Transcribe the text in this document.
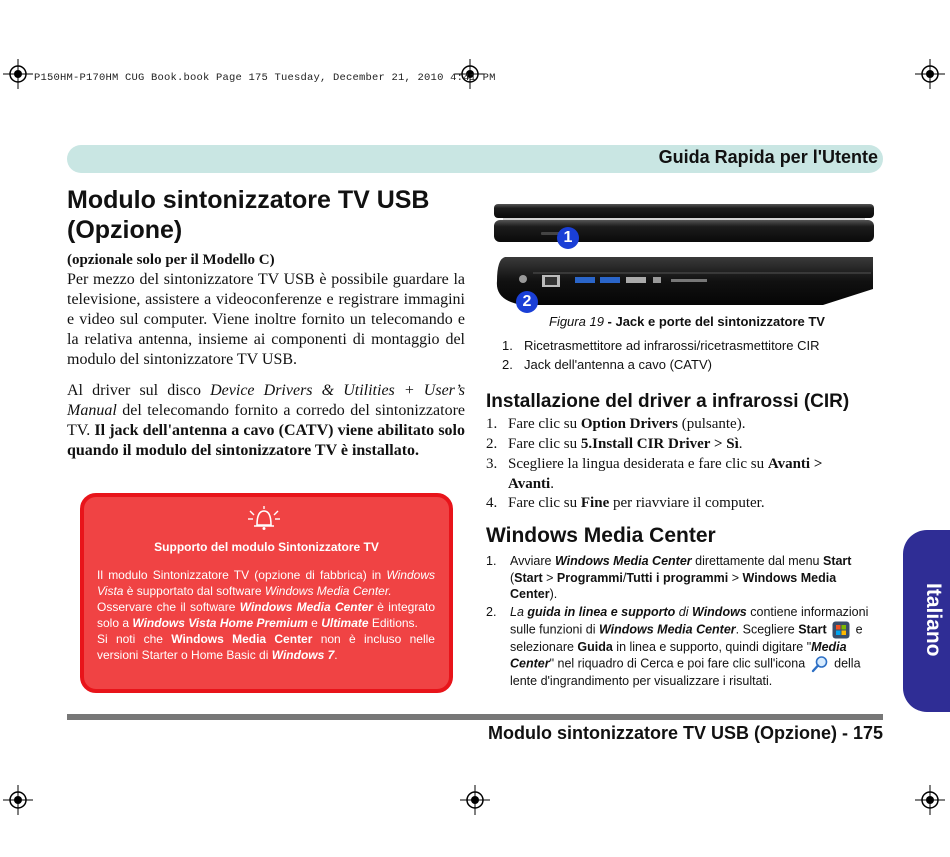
P150HM-P170HM CUG Book.book Page 175 Tuesday, December 21, 2010 4:41 PM
Guida Rapida per l'Utente
Modulo sintonizzatore TV USB (Opzione)
(opzionale solo per il Modello C)
Per mezzo del sintonizzatore TV USB è possibile guardare la televisione, assistere a videoconferenze e registrare immagini e video sul computer. Viene inoltre fornito un telecomando e la relativa antenna, insieme ai componenti di montaggio del modulo del sintonizzatore TV USB.
Al driver sul disco Device Drivers & Utilities + User’s Manual del telecomando fornito a corredo del sintonizzatore TV. Il jack dell'antenna a cavo (CATV) viene abilitato solo quando il modulo del sintonizzatore TV è installato.
Supporto del modulo Sintonizzatore TV
Il modulo Sintonizzatore TV (opzione di fabbrica) in Windows Vista è supportato dal software Windows Media Center.
Osservare che il software Windows Media Center è integrato solo a Windows Vista Home Premium e Ultimate Editions.
Si noti che Windows Media Center non è incluso nelle versioni Starter o Home Basic di Windows 7.
1
2
Figura 19 - Jack e porte del sintonizzatore TV
1. Ricetrasmettitore ad infrarossi/ricetrasmettitore CIR
2. Jack dell'antenna a cavo (CATV)
Installazione del driver a infrarossi (CIR)
1. Fare clic su Option Drivers (pulsante).
2. Fare clic su 5.Install CIR Driver > Sì.
3. Scegliere la lingua desiderata e fare clic su Avanti > Avanti.
4. Fare clic su Fine per riavviare il computer.
Windows Media Center
1.	Avviare Windows Media Center direttamente dal menu Start (Start > Programmi/Tutti i programmi > Windows Media Center).
2.	La guida in linea e supporto di Windows contiene informazioni sulle funzioni di Windows Media Center. Scegliere Start  e selezionare Guida in linea e supporto, quindi digitare "Media Center" nel riquadro di Cerca e poi fare clic sull'icona  della lente d'ingrandimento per visualizzare i risultati.
Modulo sintonizzatore TV USB (Opzione) - 175
Italiano
